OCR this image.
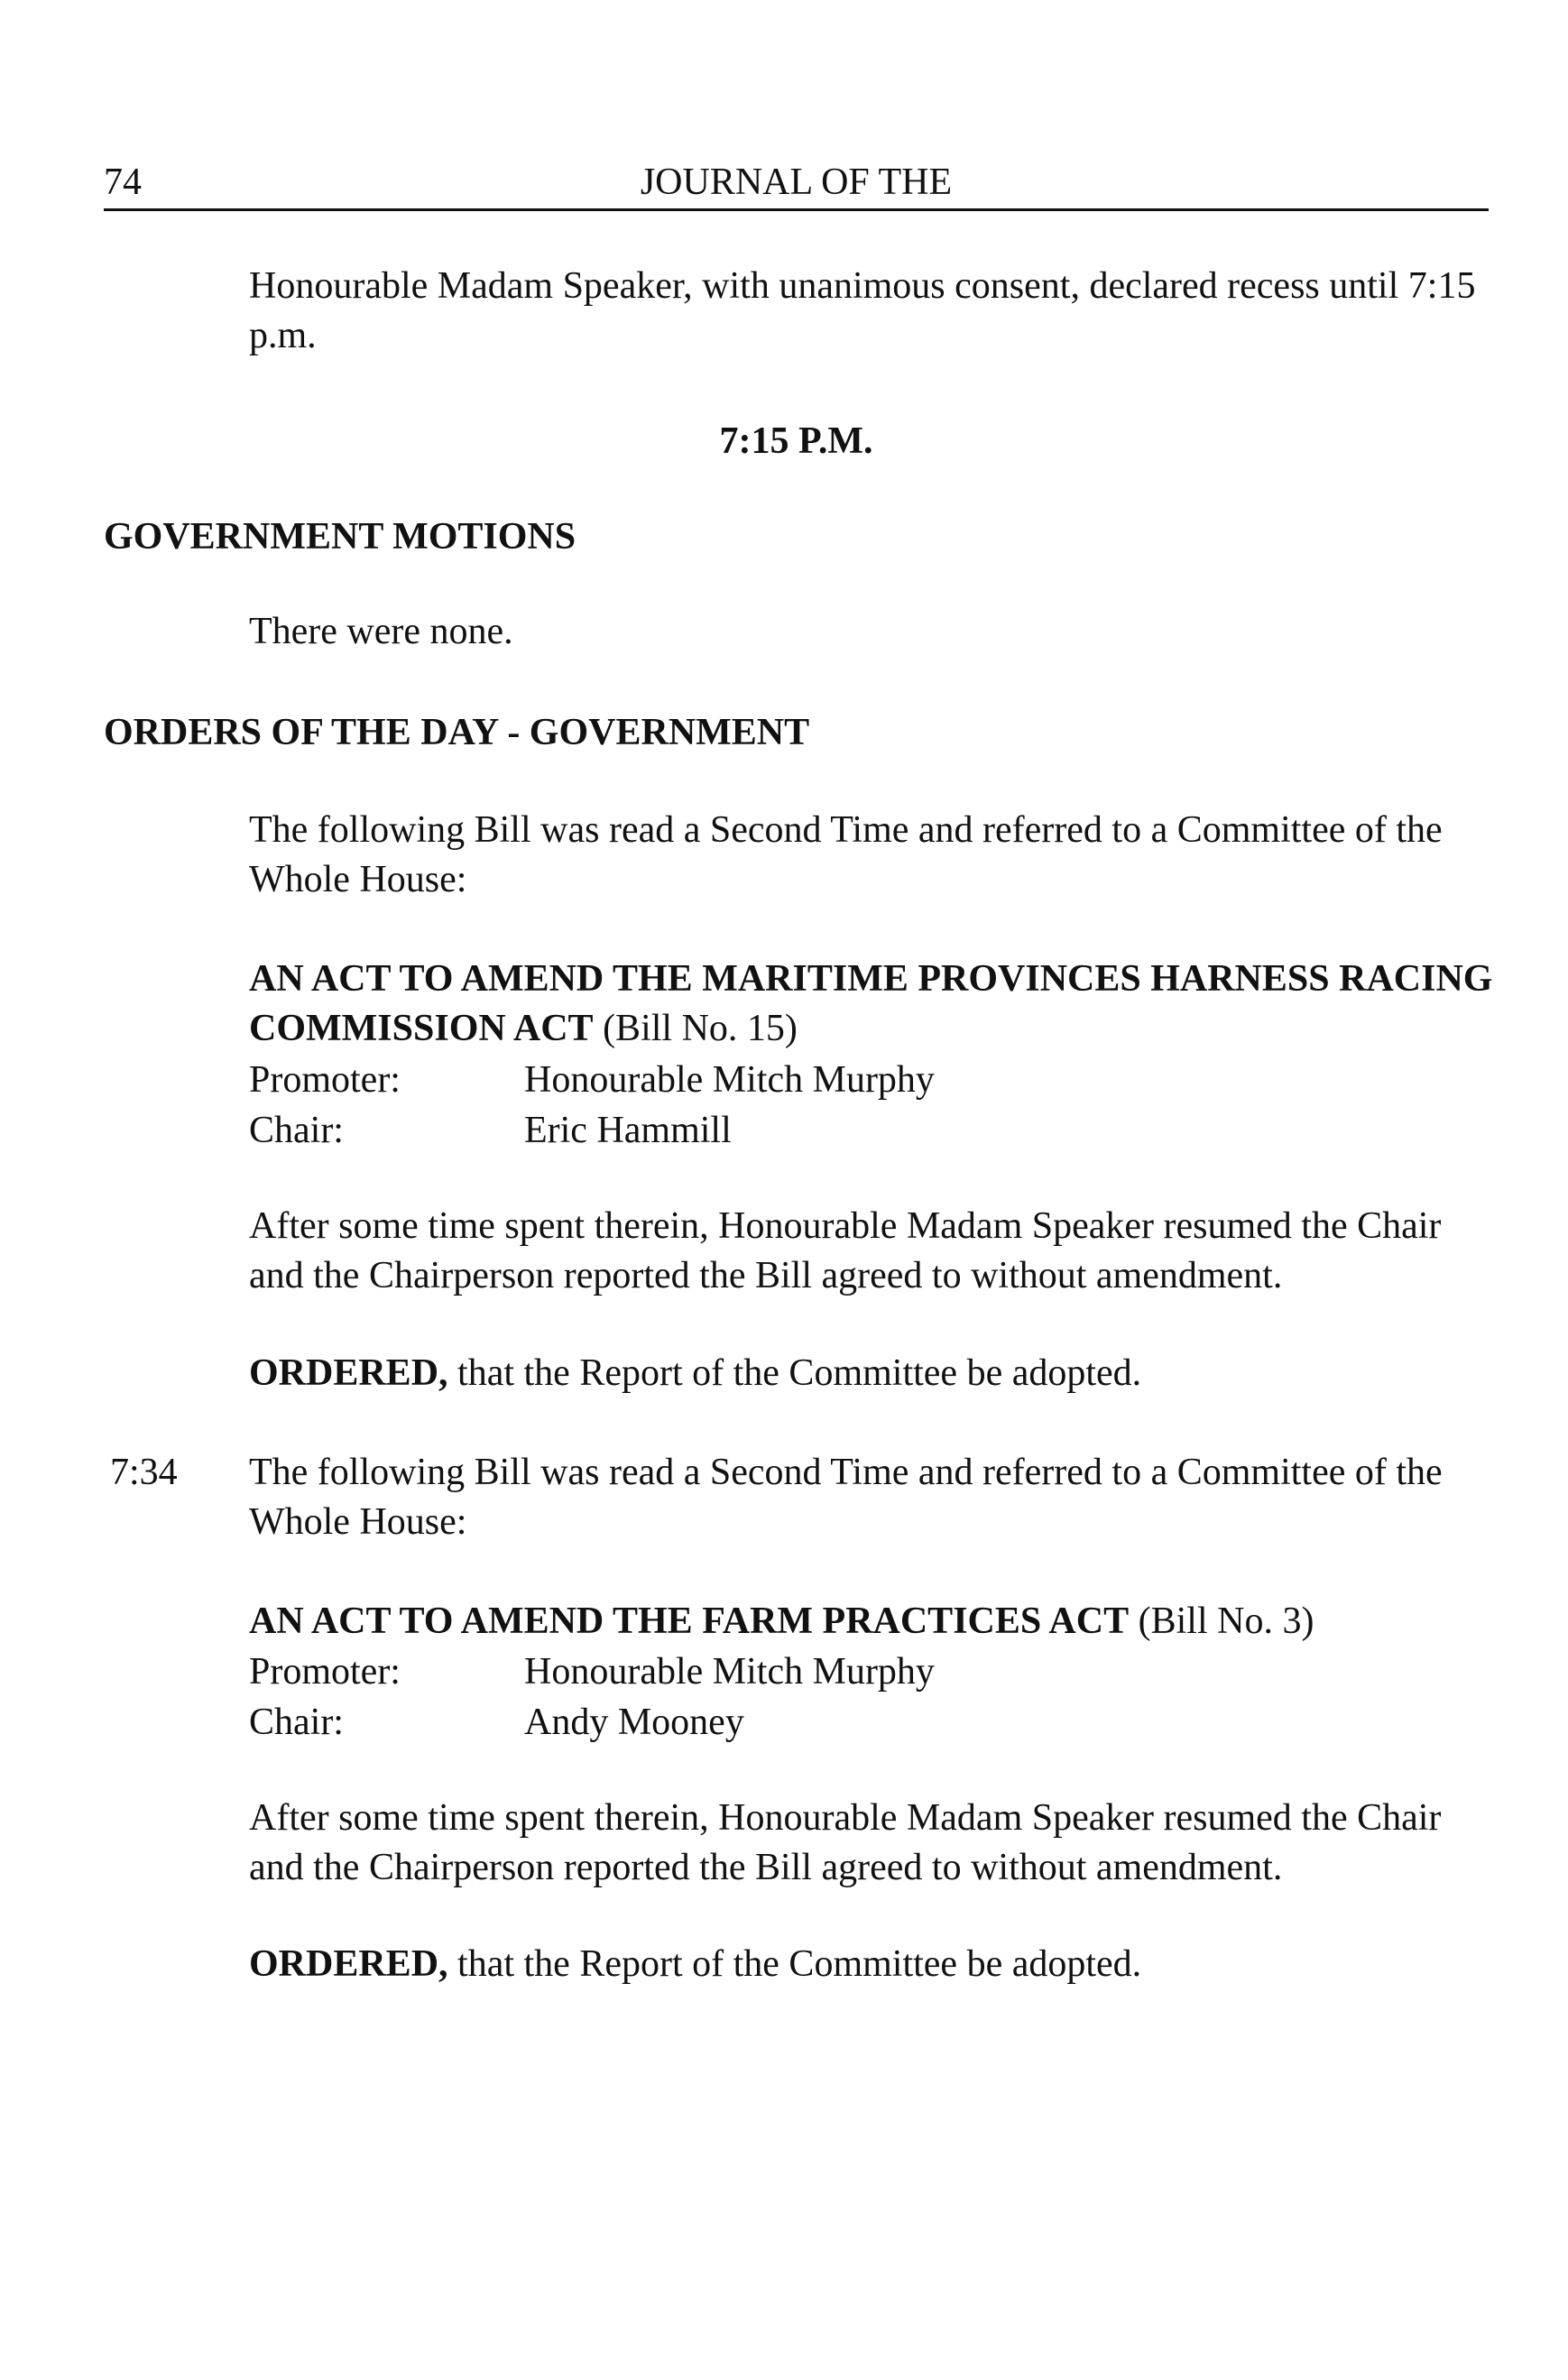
74	JOURNAL OF THE

Honourable Madam Speaker, with unanimous consent, declared recess until 7:15 p.m.

7:15 P.M.

GOVERNMENT MOTIONS

There were none.

ORDERS OF THE DAY - GOVERNMENT

The following Bill was read a Second Time and referred to a Committee of the Whole House:

AN ACT TO AMEND THE MARITIME PROVINCES HARNESS RACING COMMISSION ACT (Bill No. 15)

Promoter:	Honourable Mitch Murphy
Chair:	Eric Hammill

After some time spent therein, Honourable Madam Speaker resumed the Chair and the Chairperson reported the Bill agreed to without amendment.

ORDERED, that the Report of the Committee be adopted.

7:34 The following Bill was read a Second Time and referred to a Committee of the Whole House:

AN ACT TO AMEND THE FARM PRACTICES ACT (Bill No. 3)

Promoter:	Honourable Mitch Murphy
Chair:	Andy Mooney

After some time spent therein, Honourable Madam Speaker resumed the Chair and the Chairperson reported the Bill agreed to without amendment.

ORDERED, that the Report of the Committee be adopted.
